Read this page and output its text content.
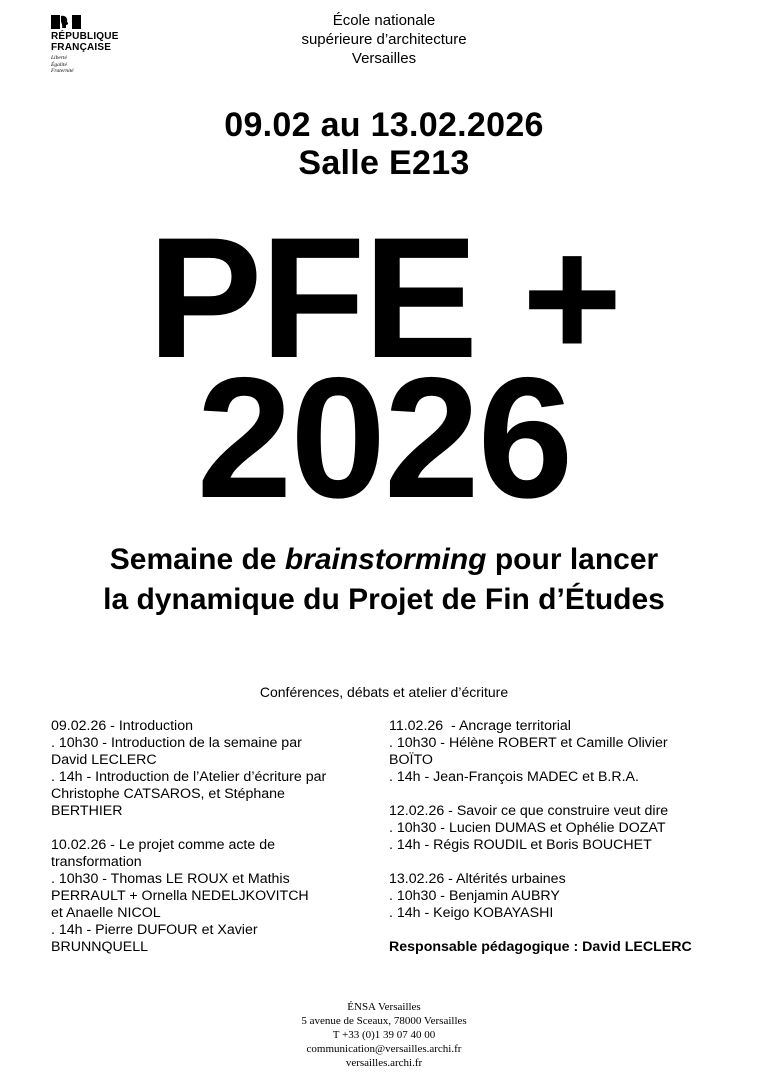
RÉPUBLIQUE
FRANÇAISE
Liberté
Égalité
Fraternité
École nationale
supérieure d’architecture
Versailles
09.02 au 13.02.2026
Salle E213
PFE +
2026
Semaine de brainstorming pour lancer
la dynamique du Projet de Fin d’Études
Conférences, débats et atelier d’écriture
09.02.26 - Introduction
. 10h30 - Introduction de la semaine par
David LECLERC
. 14h - Introduction de l’Atelier d’écriture par
Christophe CATSAROS, et Stéphane
BERTHIER
10.02.26 - Le projet comme acte de
transformation
. 10h30 - Thomas LE ROUX et Mathis
PERRAULT + Ornella NEDELJKOVITCH
et Anaelle NICOL
. 14h - Pierre DUFOUR et Xavier
BRUNNQUELL
11.02.26  - Ancrage territorial
. 10h30 - Hélène ROBERT et Camille Olivier
BOÏTO
. 14h - Jean-François MADEC et B.R.A.
12.02.26 - Savoir ce que construire veut dire
. 10h30 - Lucien DUMAS et Ophélie DOZAT
. 14h - Régis ROUDIL et Boris BOUCHET
13.02.26 - Altérités urbaines
. 10h30 - Benjamin AUBRY
. 14h - Keigo KOBAYASHI
Responsable pédagogique : David LECLERC
ÉNSA Versailles
5 avenue de Sceaux, 78000 Versailles
T +33 (0)1 39 07 40 00
communication@versailles.archi.fr
versailles.archi.fr
